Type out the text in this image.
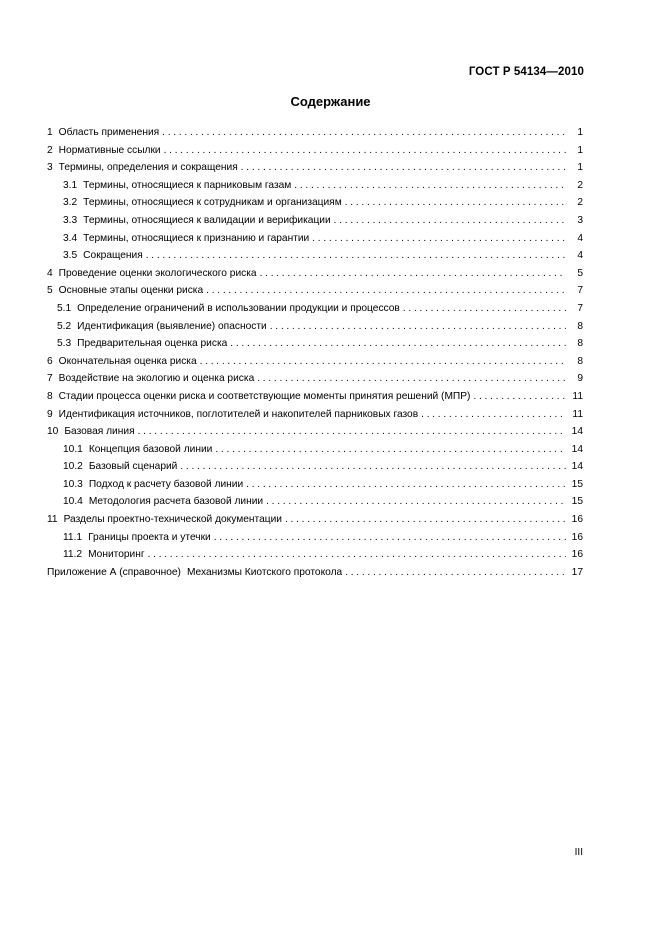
ГОСТ Р 54134—2010
Содержание
1 Область применения . . .	1
2 Нормативные ссылки . . .	1
3 Термины, определения и сокращения . . .	1
3.1 Термины, относящиеся к парниковым газам . . .	2
3.2 Термины, относящиеся к сотрудникам и организациям . . .	2
3.3 Термины, относящиеся к валидации и верификации . . .	3
3.4 Термины, относящиеся к признанию и гарантии . . .	4
3.5 Сокращения . . .	4
4 Проведение оценки экологического риска . . .	5
5 Основные этапы оценки риска . . .	7
5.1 Определение ограничений в использовании продукции и процессов . . .	7
5.2 Идентификация (выявление) опасности . . .	8
5.3 Предварительная оценка риска . . .	8
6 Окончательная оценка риска . . .	8
7 Воздействие на экологию и оценка риска . . .	9
8 Стадии процесса оценки риска и соответствующие моменты принятия решений (МПР) . . .	11
9 Идентификация источников, поглотителей и накопителей парниковых газов . . .	11
10 Базовая линия . . .	14
10.1 Концепция базовой линии . . .	14
10.2 Базовый сценарий . . .	14
10.3 Подход к расчету базовой линии . . .	15
10.4 Методология расчета базовой линии . . .	15
11 Разделы проектно-технической документации . . .	16
11.1 Границы проекта и утечки . . .	16
11.2 Мониторинг . . .	16
Приложение А (справочное) Механизмы Киотского протокола . . .	17
III
